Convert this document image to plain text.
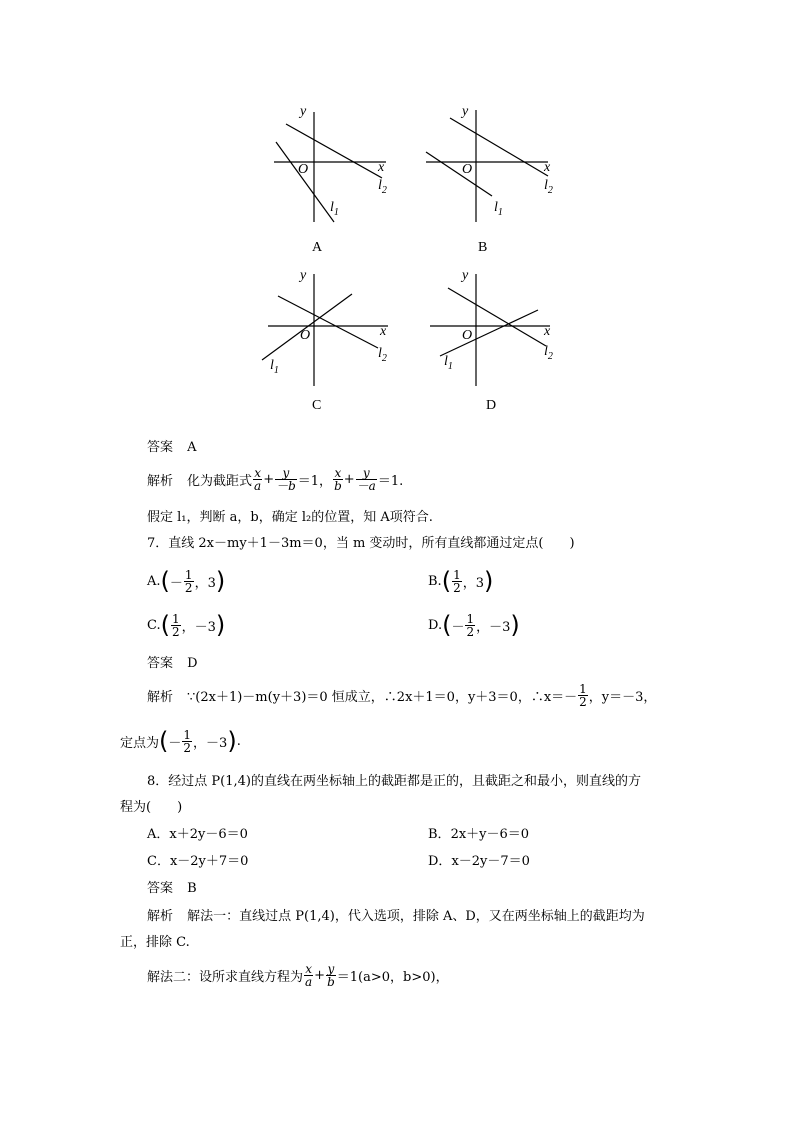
y
x
O
$l_1$
$l_2$
A
y
x
O
$l_1$
$l_2$
B
y
x
O
$l_1$
$l_2$
C
y
x
O
$l_1$
$l_2$
D
答案 A
解析 化为截距式 $\frac{x}{a} + \frac{y}{-b} =1$， $\frac{x}{b} + \frac{y}{-a} =1$.
假定 l₁，判断 a，b，确定 l₂的位置，知 A项符合.
7．直线 2x－my＋1－3m＝0，当 m 变动时，所有直线都通过定点(　　)
A. ( － $\frac{1}{2}$ ，3 )	B. ( $\frac{1}{2}$ ，3 )
C. ( $\frac{1}{2}$ ，－3 )	D. ( － $\frac{1}{2}$ ，－3 )
答案 D
解析 ∵(2x＋1)－m(y＋3)＝0 恒成立，∴2x＋1＝0，y＋3＝0，∴x＝－ $\frac{1}{2}$ ，y＝－3，
定点为 ( － $\frac{1}{2}$ ，－3 ) .
8．经过点 P(1,4)的直线在两坐标轴上的截距都是正的，且截距之和最小，则直线的方
程为(　　)
A．x＋2y－6＝0	B．2x＋y－6＝0
C．x－2y＋7＝0	D．x－2y－7＝0
答案 B
解析 解法一：直线过点 P(1,4)，代入选项，排除 A、D，又在两坐标轴上的截距均为
正，排除 C.
解法二：设所求直线方程为 $\frac{x}{a} + \frac{y}{b} =1(a>0$，b>0)，
